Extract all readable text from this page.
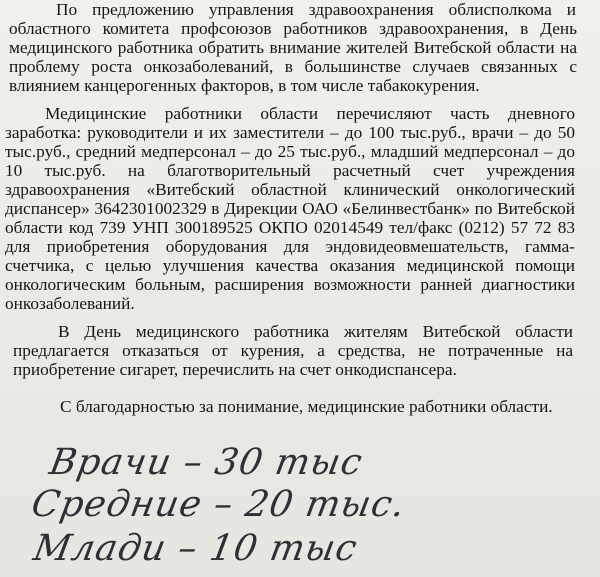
По предложению управления здравоохранения облисполкома и
областного комитета профсоюзов работников здравоохранения, в День
медицинского работника обратить внимание жителей Витебской области на
проблему роста онкозаболеваний, в большинстве случаев связанных с
влиянием канцерогенных факторов, в том числе табакокурения.
Медицинские работники области перечисляют часть дневного
заработка: руководители и их заместители – до 100 тыс.руб., врачи – до 50
тыс.руб., средний медперсонал – до 25 тыс.руб., младший медперсонал – до
10 тыс.руб. на благотворительный расчетный счет учреждения
здравоохранения «Витебский областной клинический онкологический
диспансер» 3642301002329 в Дирекции ОАО «Белинвестбанк» по Витебской
области код 739 УНП 300189525 ОКПО 02014549 тел/факс (0212) 57 72 83
для приобретения оборудования для эндовидеовмешательств, гамма-
счетчика, с целью улучшения качества оказания медицинской помощи
онкологическим больным, расширения возможности ранней диагностики
онкозаболеваний.
В День медицинского работника жителям Витебской области
предлагается отказаться от курения, а средства, не потраченные на
приобретение сигарет, перечислить на счет онкодиспансера.
С благодарностью за понимание, медицинские работники области.
Врачи – 30 тыс
Средние – 20 тыс.
Млади – 10 тыс
